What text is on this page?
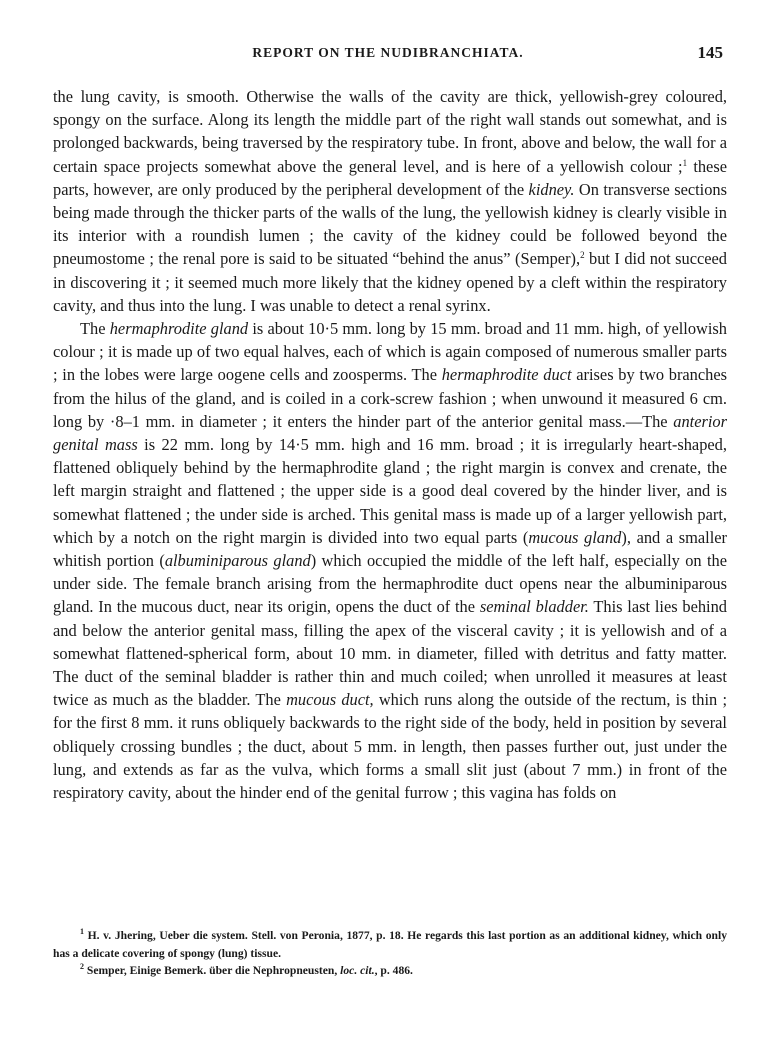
REPORT ON THE NUDIBRANCHIATA.	145

the lung cavity, is smooth. Otherwise the walls of the cavity are thick, yellowish-grey coloured, spongy on the surface. Along its length the middle part of the right wall stands out somewhat, and is prolonged backwards, being traversed by the respiratory tube. In front, above and below, the wall for a certain space projects somewhat above the general level, and is here of a yellowish colour ;$^1$ these parts, however, are only produced by the peripheral development of the kidney. On transverse sections being made through the thicker parts of the walls of the lung, the yellowish kidney is clearly visible in its interior with a roundish lumen ; the cavity of the kidney could be followed beyond the pneumostome ; the renal pore is said to be situated “behind the anus” (Semper),$^2$ but I did not succeed in discovering it ; it seemed much more likely that the kidney opened by a cleft within the respiratory cavity, and thus into the lung. I was unable to detect a renal syrinx.

The hermaphrodite gland is about 10·5 mm. long by 15 mm. broad and 11 mm. high, of yellowish colour ; it is made up of two equal halves, each of which is again composed of numerous smaller parts ; in the lobes were large oogene cells and zoosperms. The hermaphrodite duct arises by two branches from the hilus of the gland, and is coiled in a cork-screw fashion ; when unwound it measured 6 cm. long by ·8–1 mm. in diameter ; it enters the hinder part of the anterior genital mass.—The anterior genital mass is 22 mm. long by 14·5 mm. high and 16 mm. broad ; it is irregularly heart-shaped, flattened obliquely behind by the hermaphrodite gland ; the right margin is convex and crenate, the left margin straight and flattened ; the upper side is a good deal covered by the hinder liver, and is somewhat flattened ; the under side is arched. This genital mass is made up of a larger yellowish part, which by a notch on the right margin is divided into two equal parts (mucous gland), and a smaller whitish portion (albuminiparous gland) which occupied the middle of the left half, especially on the under side. The female branch arising from the hermaphrodite duct opens near the albuminiparous gland. In the mucous duct, near its origin, opens the duct of the seminal bladder. This last lies behind and below the anterior genital mass, filling the apex of the visceral cavity ; it is yellowish and of a somewhat flattened-spherical form, about 10 mm. in diameter, filled with detritus and fatty matter. The duct of the seminal bladder is rather thin and much coiled; when unrolled it measures at least twice as much as the bladder. The mucous duct, which runs along the outside of the rectum, is thin ; for the first 8 mm. it runs obliquely backwards to the right side of the body, held in position by several obliquely crossing bundles ; the duct, about 5 mm. in length, then passes further out, just under the lung, and extends as far as the vulva, which forms a small slit just (about 7 mm.) in front of the respiratory cavity, about the hinder end of the genital furrow ; this vagina has folds on

$^1$ H. v. Jhering, Ueber die system. Stell. von Peronia, 1877, p. 18. He regards this last portion as an additional kidney, which only has a delicate covering of spongy (lung) tissue.

$^2$ Semper, Einige Bemerk. über die Nephropneusten, loc. cit., p. 486.
